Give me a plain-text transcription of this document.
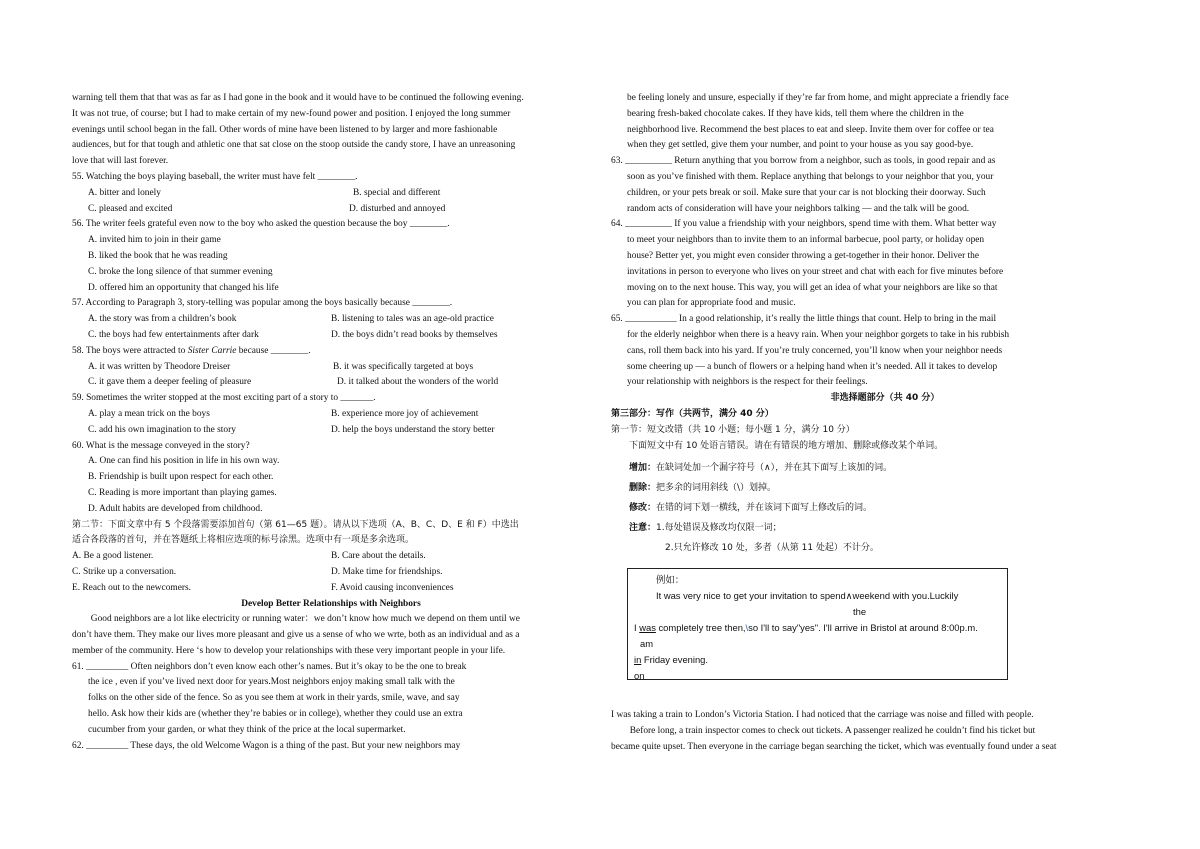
warning tell them that that was as far as I had gone in the book and it would have to be continued the following evening.

It was not true, of course; but I had to make certain of my new-found power and position. I enjoyed the long summer

evenings until school began in the fall. Other words of mine have been listened to by larger and more fashionable

audiences, but for that tough and athletic one that sat close on the stoop outside the candy store, I have an unreasoning

love that will last forever.

55. Watching the boys playing baseball, the writer must have felt ________.

A. bitter and lonely	B. special and different
C. pleased and excited	D. disturbed and annoyed

56. The writer feels grateful even now to the boy who asked the question because the boy ________.

A. invited him to join in their game

B. liked the book that he was reading

C. broke the long silence of that summer evening

D. offered him an opportunity that changed his life

57. According to Paragraph 3, story-telling was popular among the boys basically because ________.

A. the story was from a children’s book	B. listening to tales was an age-old practice
C. the boys had few entertainments after dark	D. the boys didn’t read books by themselves

58. The boys were attracted to Sister Carrie because ________.

A. it was written by Theodore Dreiser	B. it was specifically targeted at boys
C. it gave them a deeper feeling of pleasure	D. it talked about the wonders of the world

59. Sometimes the writer stopped at the most exciting part of a story to _______.

A. play a mean trick on the boys	B. experience more joy of achievement
C. add his own imagination to the story	D. help the boys understand the story better

60. What is the message conveyed in the story?

A. One can find his position in life in his own way.

B. Friendship is built upon respect for each other.

C. Reading is more important than playing games.

D. Adult habits are developed from childhood.

第二节：下面文章中有 5 个段落需要添加首句（第 61—65 题）。请从以下选项（A、B、C、D、E 和 F）中选出

适合各段落的首句，并在答题纸上将相应选项的标号涂黑。选项中有一项是多余选项。

A. Be a good listener.	B. Care about the details.
C. Strike up a conversation.	D. Make time for friendships.
E. Reach out to the newcomers.	F. Avoid causing inconveniences

Develop Better Relationships with Neighbors

Good neighbors are a lot like electricity or running water：we don’t know how much we depend on them until we

don’t have them. They make our lives more pleasant and give us a sense of who we wrte, both as an individual and as a

member of the community. Here ‘s how to develop your relationships with these very important people in your life.

61. _________ Often neighbors don’t even know each other’s names. But it’s okay to be the one to break

the ice , even if you’ve lived next door for years.Most neighbors enjoy making small talk with the

folks on the other side of the fence. So as you see them at work in their yards, smile, wave, and say

hello. Ask how their kids are (whether they’re babies or in college), whether they could use an extra

cucumber from your garden, or what they think of the price at the local supermarket.

62. _________ These days, the old Welcome Wagon is a thing of the past. But your new neighbors may

be feeling lonely and unsure, especially if they’re far from home, and might appreciate a friendly face

bearing fresh-baked chocolate cakes. If they have kids, tell them where the children in the

neighborhood live. Recommend the best places to eat and sleep. Invite them over for coffee or tea

when they get settled, give them your number, and point to your house as you say good-bye.

63. __________ Return anything that you borrow from a neighbor, such as tools, in good repair and as

soon as you’ve finished with them. Replace anything that belongs to your neighbor that you, your

children, or your pets break or soil. Make sure that your car is not blocking their doorway. Such

random acts of consideration will have your neighbors talking — and the talk will be good.

64. __________ If you value a friendship with your neighbors, spend time with them. What better way

to meet your neighbors than to invite them to an informal barbecue, pool party, or holiday open

house? Better yet, you might even consider throwing a get-together in their honor. Deliver the

invitations in person to everyone who lives on your street and chat with each for five minutes before

moving on to the next house. This way, you will get an idea of what your neighbors are like so that

you can plan for appropriate food and music.

65. ___________ In a good relationship, it’s really the little things that count. Help to bring in the mail

for the elderly neighbor when there is a heavy rain. When your neighbor gorgets to take in his rubbish

cans, roll them back into his yard. If you’re truly concerned, you’ll know when your neighbor needs

some cheering up — a bunch of flowers or a helping hand when it’s needed. All it takes to develop

your relationship with neighbors is the respect for their feelings.

非选择题部分（共 40 分）

第三部分：写作（共两节，满分 40 分）

第一节：短文改错（共 10 小题；每小题 1 分，满分 10 分）

下面短文中有 10 处语言错误。请在有错误的地方增加、删除或修改某个单词。

增加：在缺词处加一个漏字符号（∧），并在其下面写上该加的词。

删除：把多余的词用斜线（\）划掉。

修改：在错的词下划一横线，并在该词下面写上修改后的词。

注意：1.每处错误及修改均仅限一词；

2.只允许修改 10 处，多者（从第 11 处起）不计分。

例如：
It was very nice to get your invitation to spend∧weekend with you.Luckily
the
I was completely tree then,\so I'll to say"yes". I'll arrive in Bristol at around 8:00p.m.
am
in Friday evening.
on

I was taking a train to London’s Victoria Station. I had noticed that the carriage was noise and filled with people.

Before long, a train inspector comes to check out tickets. A passenger realized he couldn’t find his ticket but

became quite upset. Then everyone in the carriage began searching the ticket, which was eventually found under a seat
